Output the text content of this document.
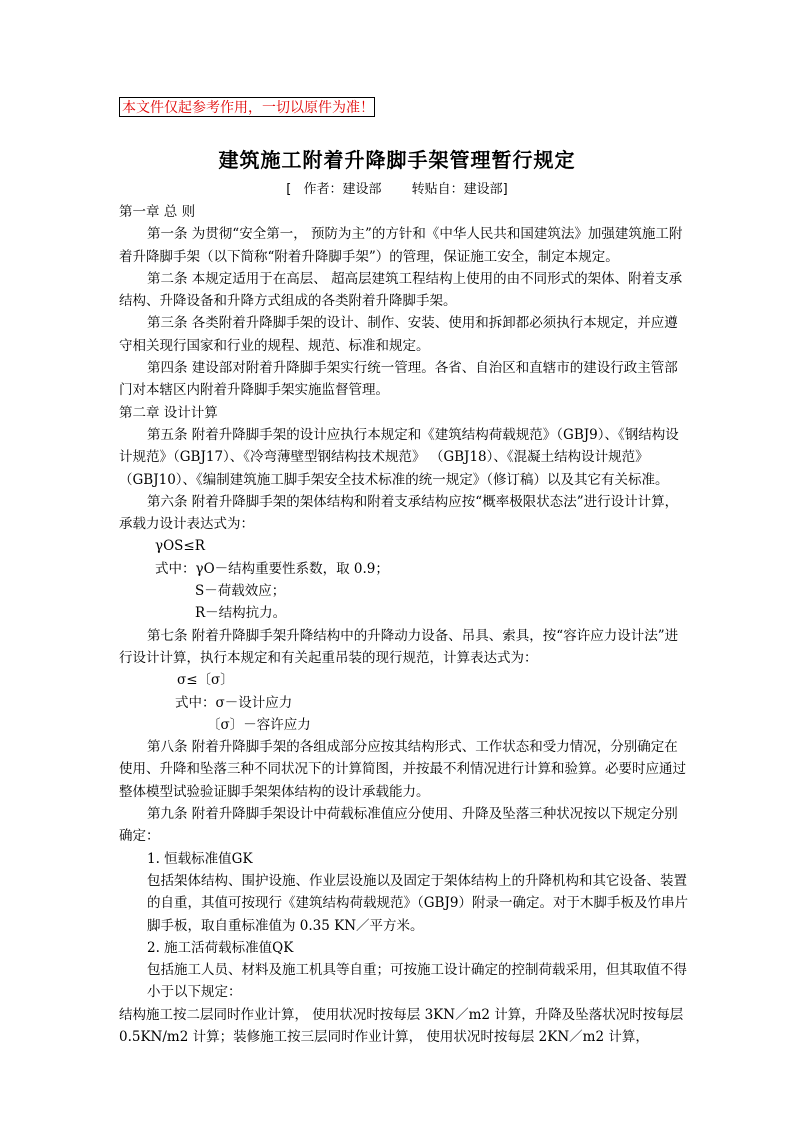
本文件仅起参考作用，一切以原件为准！
建筑施工附着升降脚手架管理暂行规定
[ 作者：建设部 转贴自：建设部]

第一章 总 则

第一条 为贯彻“安全第一， 预防为主”的方针和《中华人民共和国建筑法》加强建筑施工附着升降脚手架（以下简称“附着升降脚手架”）的管理，保证施工安全，制定本规定。

第二条 本规定适用于在高层、 超高层建筑工程结构上使用的由不同形式的架体、附着支承结构、升降设备和升降方式组成的各类附着升降脚手架。

第三条 各类附着升降脚手架的设计、制作、安装、使用和拆卸都必须执行本规定，并应遵守相关现行国家和行业的规程、规范、标准和规定。

第四条 建设部对附着升降脚手架实行统一管理。各省、自治区和直辖市的建设行政主管部门对本辖区内附着升降脚手架实施监督管理。

第二章 设计计算

第五条 附着升降脚手架的设计应执行本规定和《建筑结构荷载规范》（GBJ9）、《钢结构设计规范》（GBJ17）、《冷弯薄壁型钢结构技术规范》 （GBJ18）、《混凝土结构设计规范》（GBJ10）、《编制建筑施工脚手架安全技术标准的统一规定》（修订稿）以及其它有关标准。

第六条 附着升降脚手架的架体结构和附着支承结构应按“概率极限状态法”进行设计计算， 承载力设计表达式为：

γOS≤R

式中：γO－结构重要性系数，取 0.9；

S－荷载效应；

R－结构抗力。

第七条 附着升降脚手架升降结构中的升降动力设备、吊具、索具，按“容许应力设计法”进行设计计算，执行本规定和有关起重吊装的现行规范，计算表达式为：

σ≤〔σ〕

式中：σ－设计应力

〔σ〕－容许应力

第八条 附着升降脚手架的各组成部分应按其结构形式、工作状态和受力情况，分别确定在使用、升降和坠落三种不同状况下的计算简图，并按最不利情况进行计算和验算。必要时应通过整体模型试验验证脚手架架体结构的设计承载能力。

第九条 附着升降脚手架设计中荷载标准值应分使用、升降及坠落三种状况按以下规定分别确定：

1. 恒载标准值GK

包括架体结构、围护设施、作业层设施以及固定于架体结构上的升降机构和其它设备、装置的自重，其值可按现行《建筑结构荷载规范》（GBJ9）附录一确定。对于木脚手板及竹串片脚手板，取自重标准值为 0.35 KN／平方米。

2. 施工活荷载标准值QK

包括施工人员、材料及施工机具等自重；可按施工设计确定的控制荷载采用，但其取值不得小于以下规定：

结构施工按二层同时作业计算， 使用状况时按每层 3KN／m2 计算，升降及坠落状况时按每层 0.5KN/m2 计算；装修施工按三层同时作业计算， 使用状况时按每层 2KN／m2 计算，
